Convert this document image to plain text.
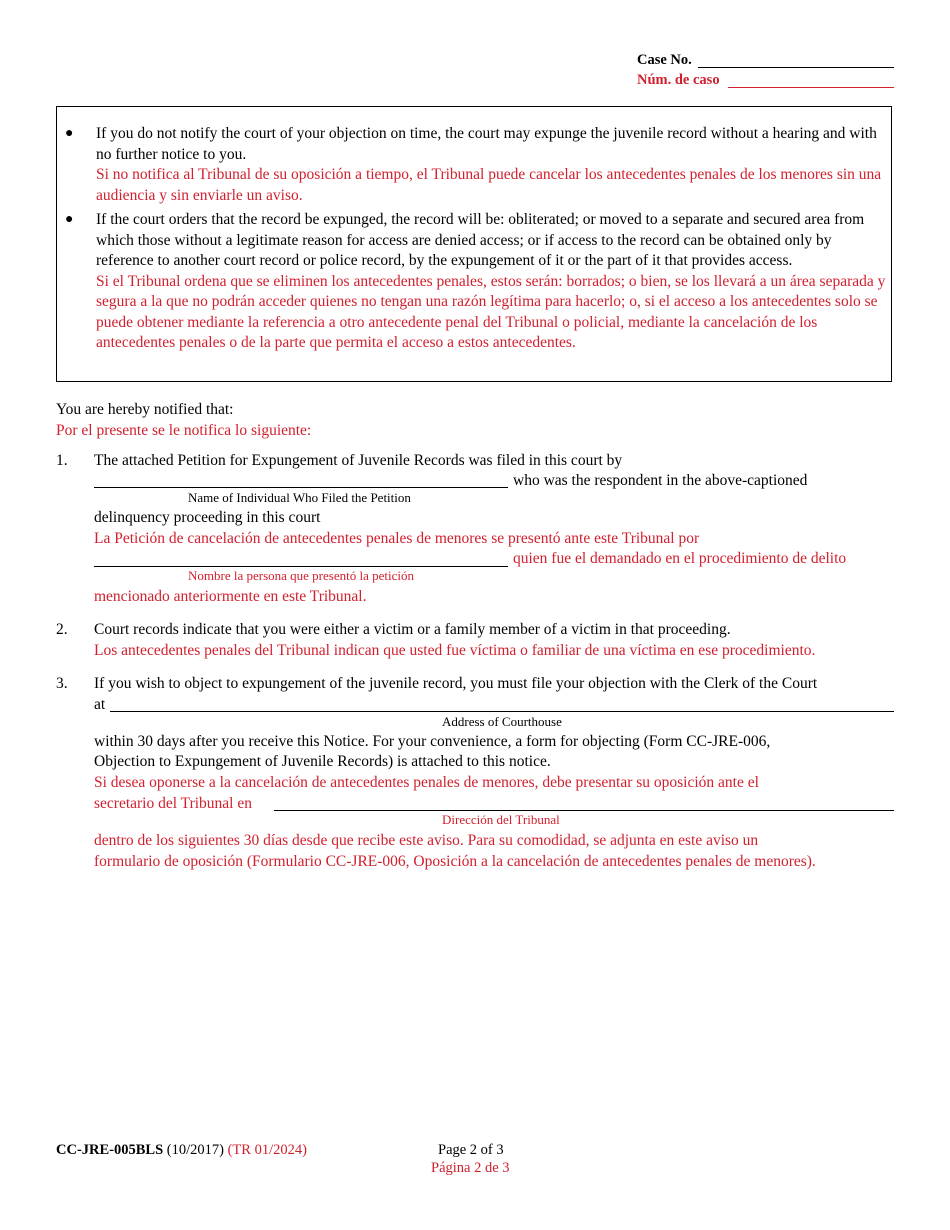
Case No.
Núm. de caso
● If you do not notify the court of your objection on time, the court may expunge the juvenile record without a hearing and with no further notice to you.
Si no notifica al Tribunal de su oposición a tiempo, el Tribunal puede cancelar los antecedentes penales de los menores sin una audiencia y sin enviarle un aviso.
● If the court orders that the record be expunged, the record will be: obliterated; or moved to a separate and secured area from which those without a legitimate reason for access are denied access; or if access to the record can be obtained only by reference to another court record or police record, by the expungement of it or the part of it that provides access.
Si el Tribunal ordena que se eliminen los antecedentes penales, estos serán: borrados; o bien, se los llevará a un área separada y segura a la que no podrán acceder quienes no tengan una razón legítima para hacerlo; o, si el acceso a los antecedentes solo se puede obtener mediante la referencia a otro antecedente penal del Tribunal o policial, mediante la cancelación de los antecedentes penales o de la parte que permita el acceso a estos antecedentes.
You are hereby notified that:
Por el presente se le notifica lo siguiente:
1. The attached Petition for Expungement of Juvenile Records was filed in this court by
who was the respondent in the above-captioned
Name of Individual Who Filed the Petition
delinquency proceeding in this court
La Petición de cancelación de antecedentes penales de menores se presentó ante este Tribunal por
quien fue el demandado en el procedimiento de delito
Nombre la persona que presentó la petición
mencionado anteriormente en este Tribunal.
2. Court records indicate that you were either a victim or a family member of a victim in that proceeding.
Los antecedentes penales del Tribunal indican que usted fue víctima o familiar de una víctima en ese procedimiento.
3. If you wish to object to expungement of the juvenile record, you must file your objection with the Clerk of the Court
at
Address of Courthouse
within 30 days after you receive this Notice. For your convenience, a form for objecting (Form CC-JRE-006,
Objection to Expungement of Juvenile Records) is attached to this notice.
Si desea oponerse a la cancelación de antecedentes penales de menores, debe presentar su oposición ante el
secretario del Tribunal en
Dirección del Tribunal
dentro de los siguientes 30 días desde que recibe este aviso. Para su comodidad, se adjunta en este aviso un
formulario de oposición (Formulario CC-JRE-006, Oposición a la cancelación de antecedentes penales de menores).
CC-JRE-005BLS (10/2017) (TR 01/2024)	Page 2 of 3
Página 2 de 3
